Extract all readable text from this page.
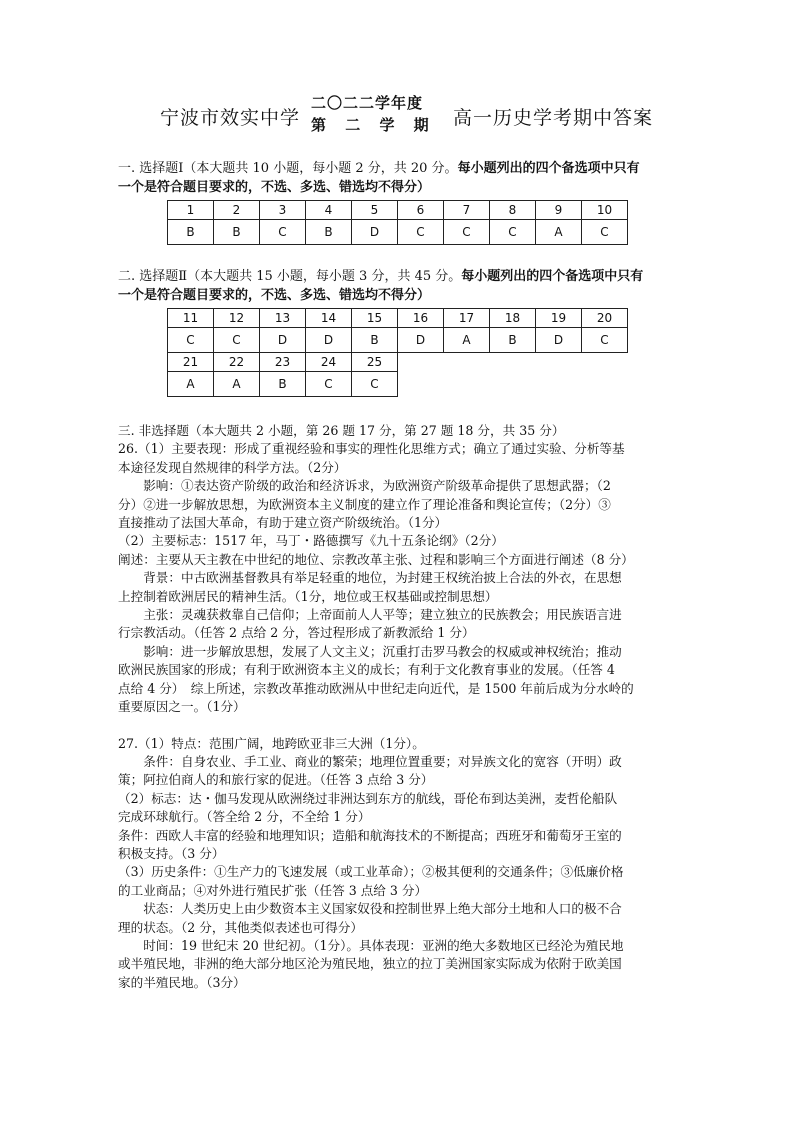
宁波市效实中学
二〇二二学年度
第 二 学 期 高一历史学考期中答案
一. 选择题Ⅰ（本大题共 10 小题，每小题 2 分，共 20 分。每小题列出的四个备选项中只有
一个是符合题目要求的，不选、多选、错选均不得分）
1	2	3	4	5	6	7	8	9	10
B	B	C	B	D	C	C	C	A	C
二. 选择题Ⅱ（本大题共 15 小题，每小题 3 分，共 45 分。每小题列出的四个备选项中只有
一个是符合题目要求的，不选、多选、错选均不得分）
11	12	13	14	15	16	17	18	19	20
C	C	D	D	B	D	A	B	D	C
21	22	23	24	25					
A	A	B	C	C					

三. 非选择题（本大题共 2 小题，第 26 题 17 分，第 27 题 18 分，共 35 分）

26.（1）主要表现：形成了重视经验和事实的理性化思维方式；确立了通过实验、分析等基

本途径发现自然规律的科学方法。（2分）

影响：①表达资产阶级的政治和经济诉求，为欧洲资产阶级革命提供了思想武器；（2

分）②进一步解放思想，为欧洲资本主义制度的建立作了理论准备和舆论宣传；（2分）③

直接推动了法国大革命，有助于建立资产阶级统治。（1分）

（2）主要标志：1517 年，马丁・路德撰写《九十五条论纲》（2分）

阐述：主要从天主教在中世纪的地位、宗教改革主张、过程和影响三个方面进行阐述（8 分）

背景：中古欧洲基督教具有举足轻重的地位，为封建王权统治披上合法的外衣，在思想

上控制着欧洲居民的精神生活。（1分，地位或王权基础或控制思想）

主张：灵魂获救靠自己信仰；上帝面前人人平等；建立独立的民族教会；用民族语言进

行宗教活动。（任答 2 点给 2 分，答过程形成了新教派给 1 分）

影响：进一步解放思想，发展了人文主义；沉重打击罗马教会的权威或神权统治；推动

欧洲民族国家的形成；有利于欧洲资本主义的成长；有利于文化教育事业的发展。（任答 4

点给 4 分）　综上所述，宗教改革推动欧洲从中世纪走向近代，是 1500 年前后成为分水岭的

重要原因之一。（1分）

27.（1）特点：范围广阔，地跨欧亚非三大洲（1分）。

条件：自身农业、手工业、商业的繁荣；地理位置重要；对异族文化的宽容（开明）政

策；阿拉伯商人的和旅行家的促进。（任答 3 点给 3 分）

（2）标志：达・伽马发现从欧洲绕过非洲达到东方的航线，哥伦布到达美洲，麦哲伦船队

完成环球航行。（答全给 2 分，不全给 1 分）

条件：西欧人丰富的经验和地理知识；造船和航海技术的不断提高；西班牙和葡萄牙王室的

积极支持。（3 分）

（3）历史条件：①生产力的飞速发展（或工业革命）；②极其便利的交通条件；③低廉价格

的工业商品；④对外进行殖民扩张（任答 3 点给 3 分）

状态：人类历史上由少数资本主义国家奴役和控制世界上绝大部分土地和人口的极不合

理的状态。（2 分，其他类似表述也可得分）

时间：19 世纪末 20 世纪初。（1分）。具体表现：亚洲的绝大多数地区已经沦为殖民地

或半殖民地，非洲的绝大部分地区沦为殖民地，独立的拉丁美洲国家实际成为依附于欧美国

家的半殖民地。（3分）
